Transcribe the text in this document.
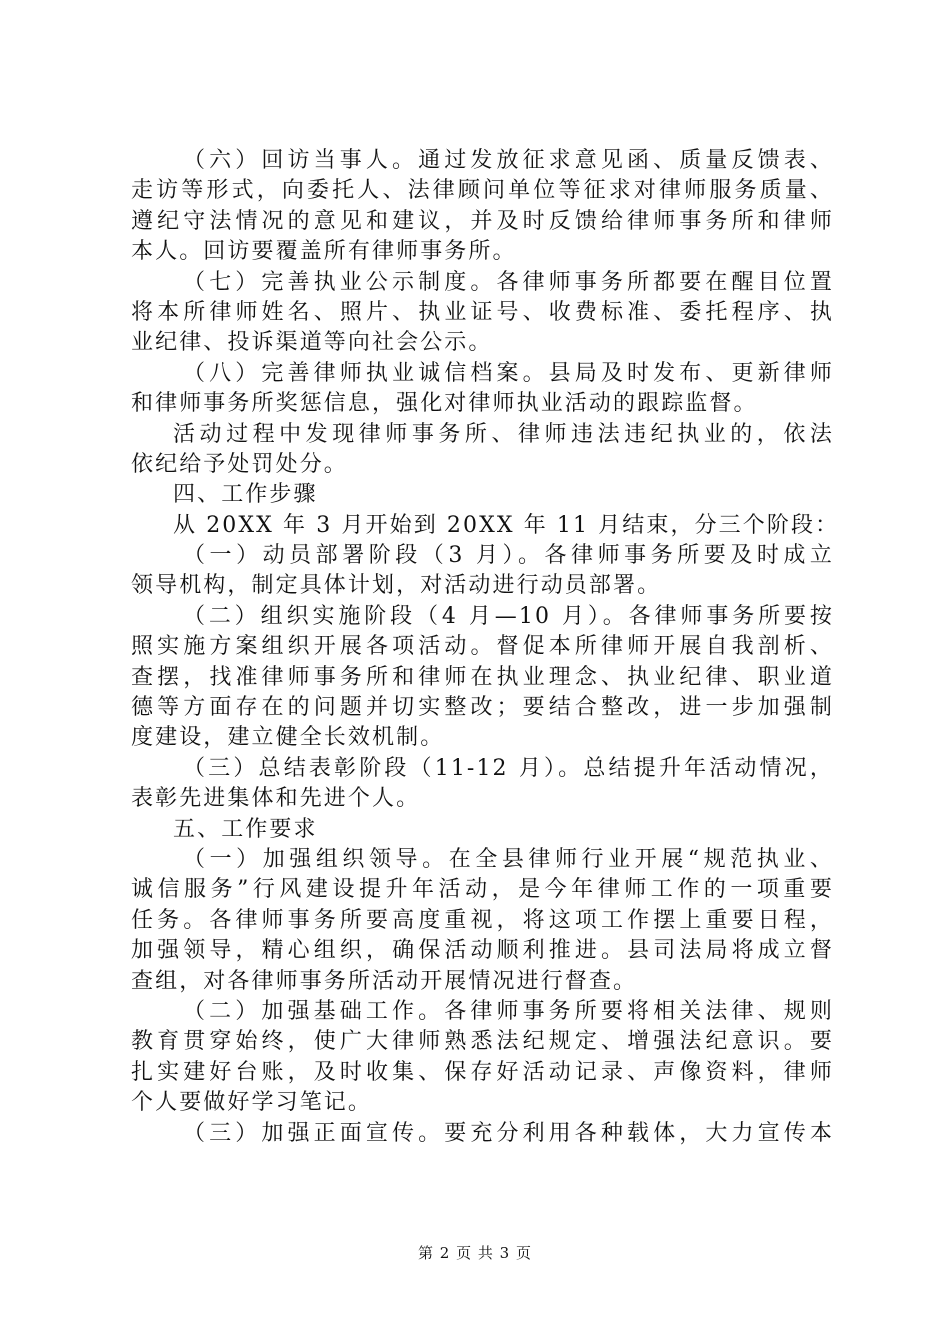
（六）回访当事人。通过发放征求意见函、质量反馈表、
走访等形式，向委托人、法律顾问单位等征求对律师服务质量、
遵纪守法情况的意见和建议，并及时反馈给律师事务所和律师
本人。回访要覆盖所有律师事务所。
（七）完善执业公示制度。各律师事务所都要在醒目位置
将本所律师姓名、照片、执业证号、收费标准、委托程序、执
业纪律、投诉渠道等向社会公示。
（八）完善律师执业诚信档案。县局及时发布、更新律师
和律师事务所奖惩信息，强化对律师执业活动的跟踪监督。
活动过程中发现律师事务所、律师违法违纪执业的，依法
依纪给予处罚处分。
四、工作步骤
从 20XX 年 3 月开始到 20XX 年 11 月结束，分三个阶段：
（一）动员部署阶段（3 月）。各律师事务所要及时成立
领导机构，制定具体计划，对活动进行动员部署。
（二）组织实施阶段（4 月—10 月）。各律师事务所要按
照实施方案组织开展各项活动。督促本所律师开展自我剖析、
查摆，找准律师事务所和律师在执业理念、执业纪律、职业道
德等方面存在的问题并切实整改；要结合整改，进一步加强制
度建设，建立健全长效机制。
（三）总结表彰阶段（11-12 月）。总结提升年活动情况，
表彰先进集体和先进个人。
五、工作要求
（一）加强组织领导。在全县律师行业开展“规范执业、
诚信服务”行风建设提升年活动，是今年律师工作的一项重要
任务。各律师事务所要高度重视，将这项工作摆上重要日程，
加强领导，精心组织，确保活动顺利推进。县司法局将成立督
查组，对各律师事务所活动开展情况进行督查。
（二）加强基础工作。各律师事务所要将相关法律、规则
教育贯穿始终，使广大律师熟悉法纪规定、增强法纪意识。要
扎实建好台账，及时收集、保存好活动记录、声像资料，律师
个人要做好学习笔记。
（三）加强正面宣传。要充分利用各种载体，大力宣传本
第 2 页 共 3 页
